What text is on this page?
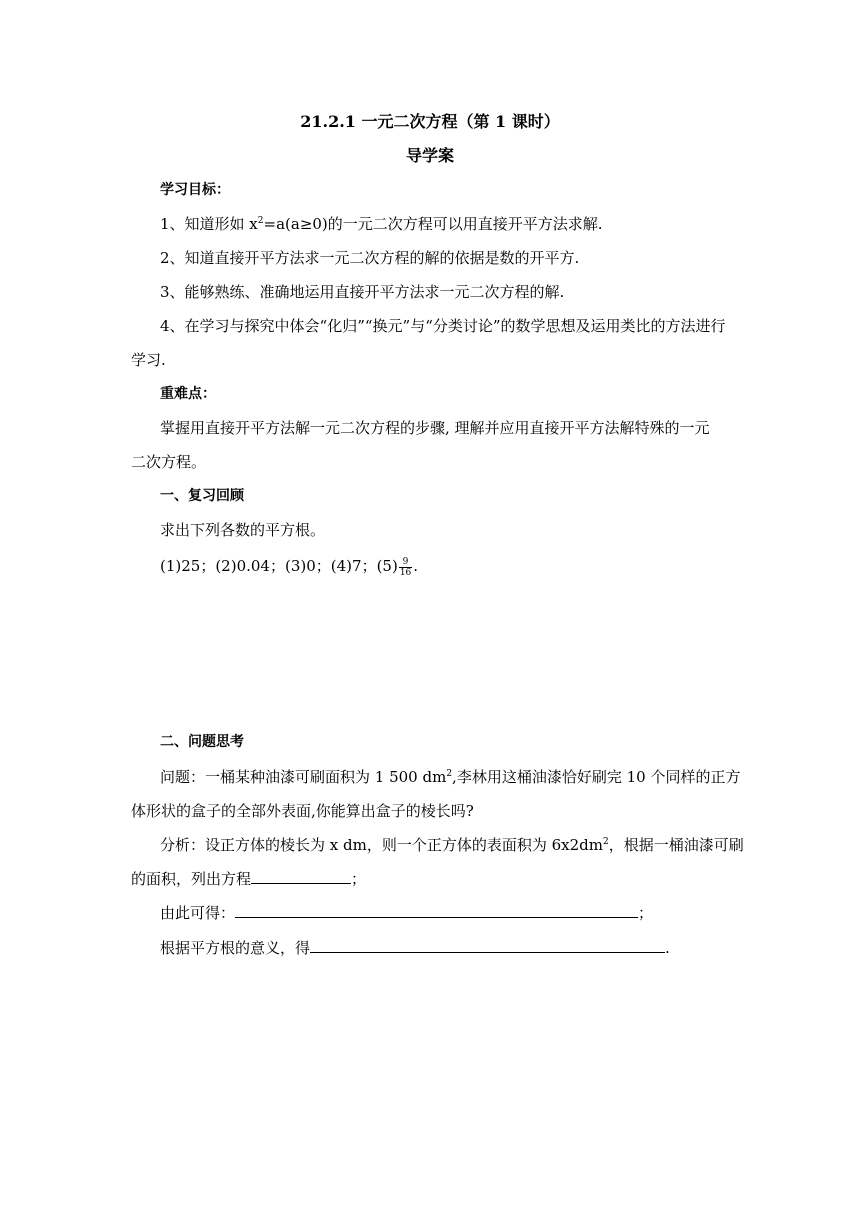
21.2.1 一元二次方程（第 1 课时）
导学案
学习目标：
1、知道形如 $x^2=a(a\ge 0)$的一元二次方程可以用直接开平方法求解.
2、知道直接开平方法求一元二次方程的解的依据是数的开平方.
3、能够熟练、准确地运用直接开平方法求一元二次方程的解.
4、在学习与探究中体会“化归”“换元”与“分类讨论”的数学思想及运用类比的方法进行
学习.
重难点：
掌握用直接开平方法解一元二次方程的步骤, 理解并应用直接开平方法解特殊的一元
二次方程。
一、复习回顾
求出下列各数的平方根。
(1)25；(2)0.04；(3)0；(4)7；$(5) \frac{9}{16}$ .
二、问题思考
问题：一桶某种油漆可刷面积为 1 500 $dm^2$,李林用这桶油漆恰好刷完 10 个同样的正方
体形状的盒子的全部外表面,你能算出盒子的棱长吗?
分析：设正方体的棱长为 x dm，则一个正方体的表面积为 $6x2dm^2$，根据一桶油漆可刷
的面积，列出方程	；
由此可得：	；
根据平方根的意义，得	.
